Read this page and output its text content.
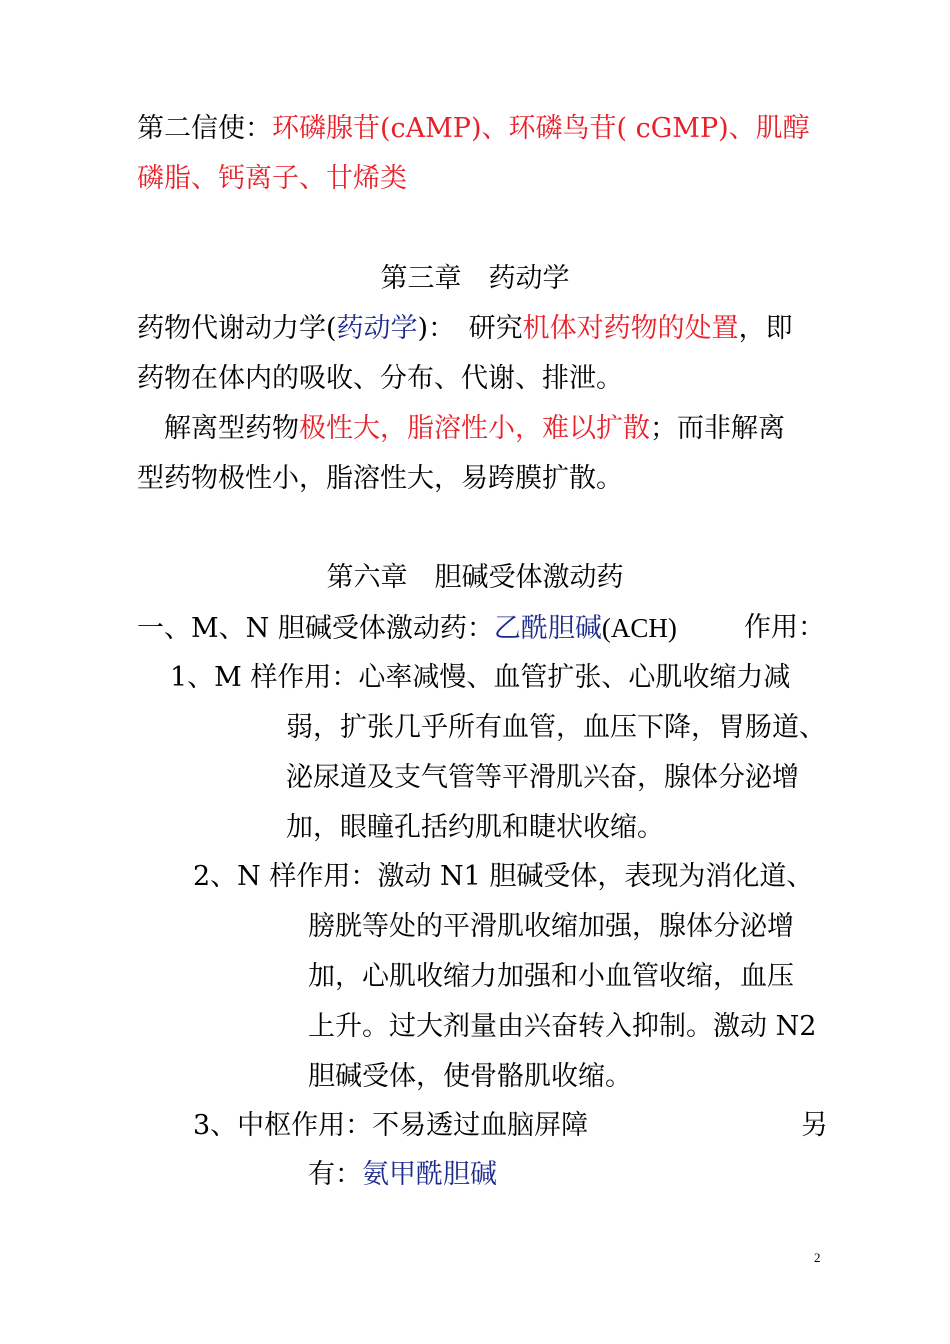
第二信使：环磷腺苷(cAMP)、环磷鸟苷( cGMP)、肌醇
磷脂、钙离子、廿烯类
第三章　药动学
药物代谢动力学(药动学)：　研究机体对药物的处置，即
药物在体内的吸收、分布、代谢、排泄。
解离型药物极性大，脂溶性小，难以扩散；而非解离
型药物极性小，脂溶性大，易跨膜扩散。
第六章　胆碱受体激动药
一、M、N 胆碱受体激动药：乙酰胆碱(ACH) 作用：
1、M 样作用：心率减慢、血管扩张、心肌收缩力减
弱，扩张几乎所有血管，血压下降，胃肠道、
泌尿道及支气管等平滑肌兴奋，腺体分泌增
加，眼瞳孔括约肌和睫状收缩。
2、N 样作用：激动 N1 胆碱受体，表现为消化道、
膀胱等处的平滑肌收缩加强，腺体分泌增
加，心肌收缩力加强和小血管收缩，血压
上升。过大剂量由兴奋转入抑制。激动 N2
胆碱受体，使骨骼肌收缩。
3、中枢作用：不易透过血脑屏障	另
有：氨甲酰胆碱
2
